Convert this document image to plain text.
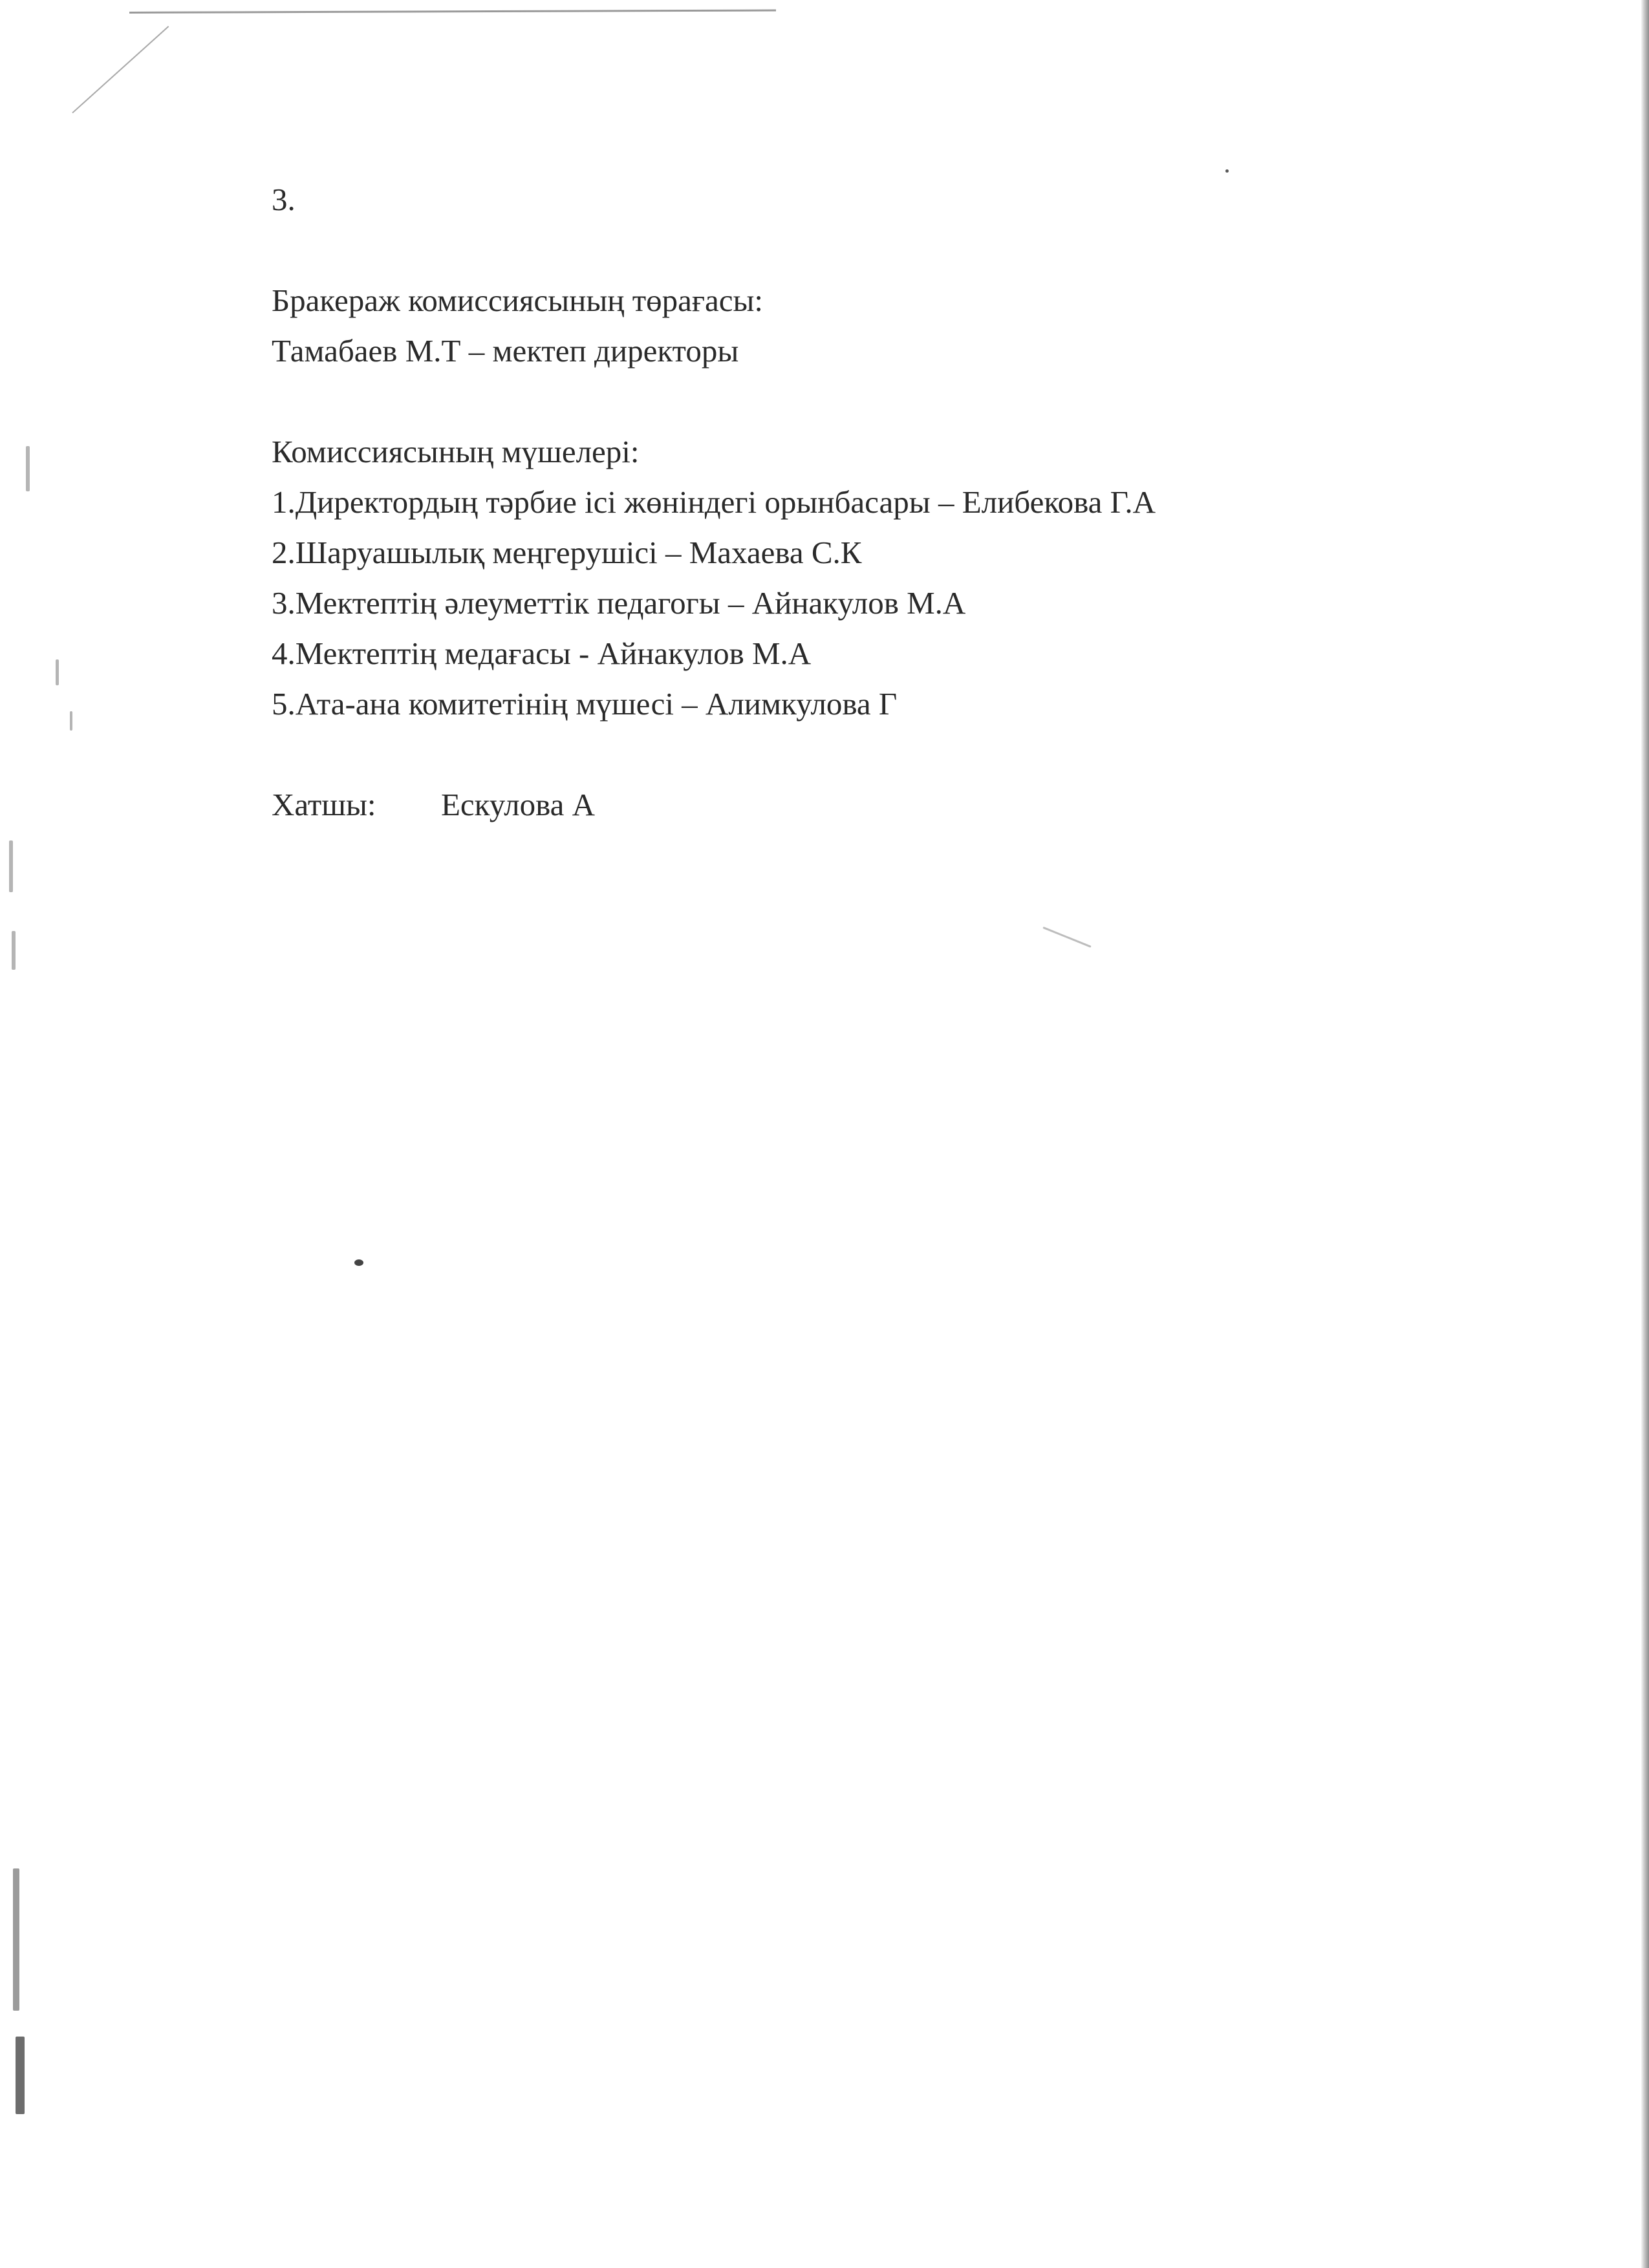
3.
Бракераж комиссиясының төрағасы:
Тамабаев М.Т – мектеп директоры
Комиссиясының мүшелері:
1.Директордың тәрбие ісі жөніндегі орынбасары – Елибекова Г.А
2.Шаруашылық меңгерушісі – Махаева С.К
3.Мектептің әлеуметтік педагогы – Айнакулов М.А
4.Мектептің медағасы - Айнакулов М.А
5.Ата-ана комитетінің мүшесі – Алимкулова Г
Хатшы: Ескулова А
